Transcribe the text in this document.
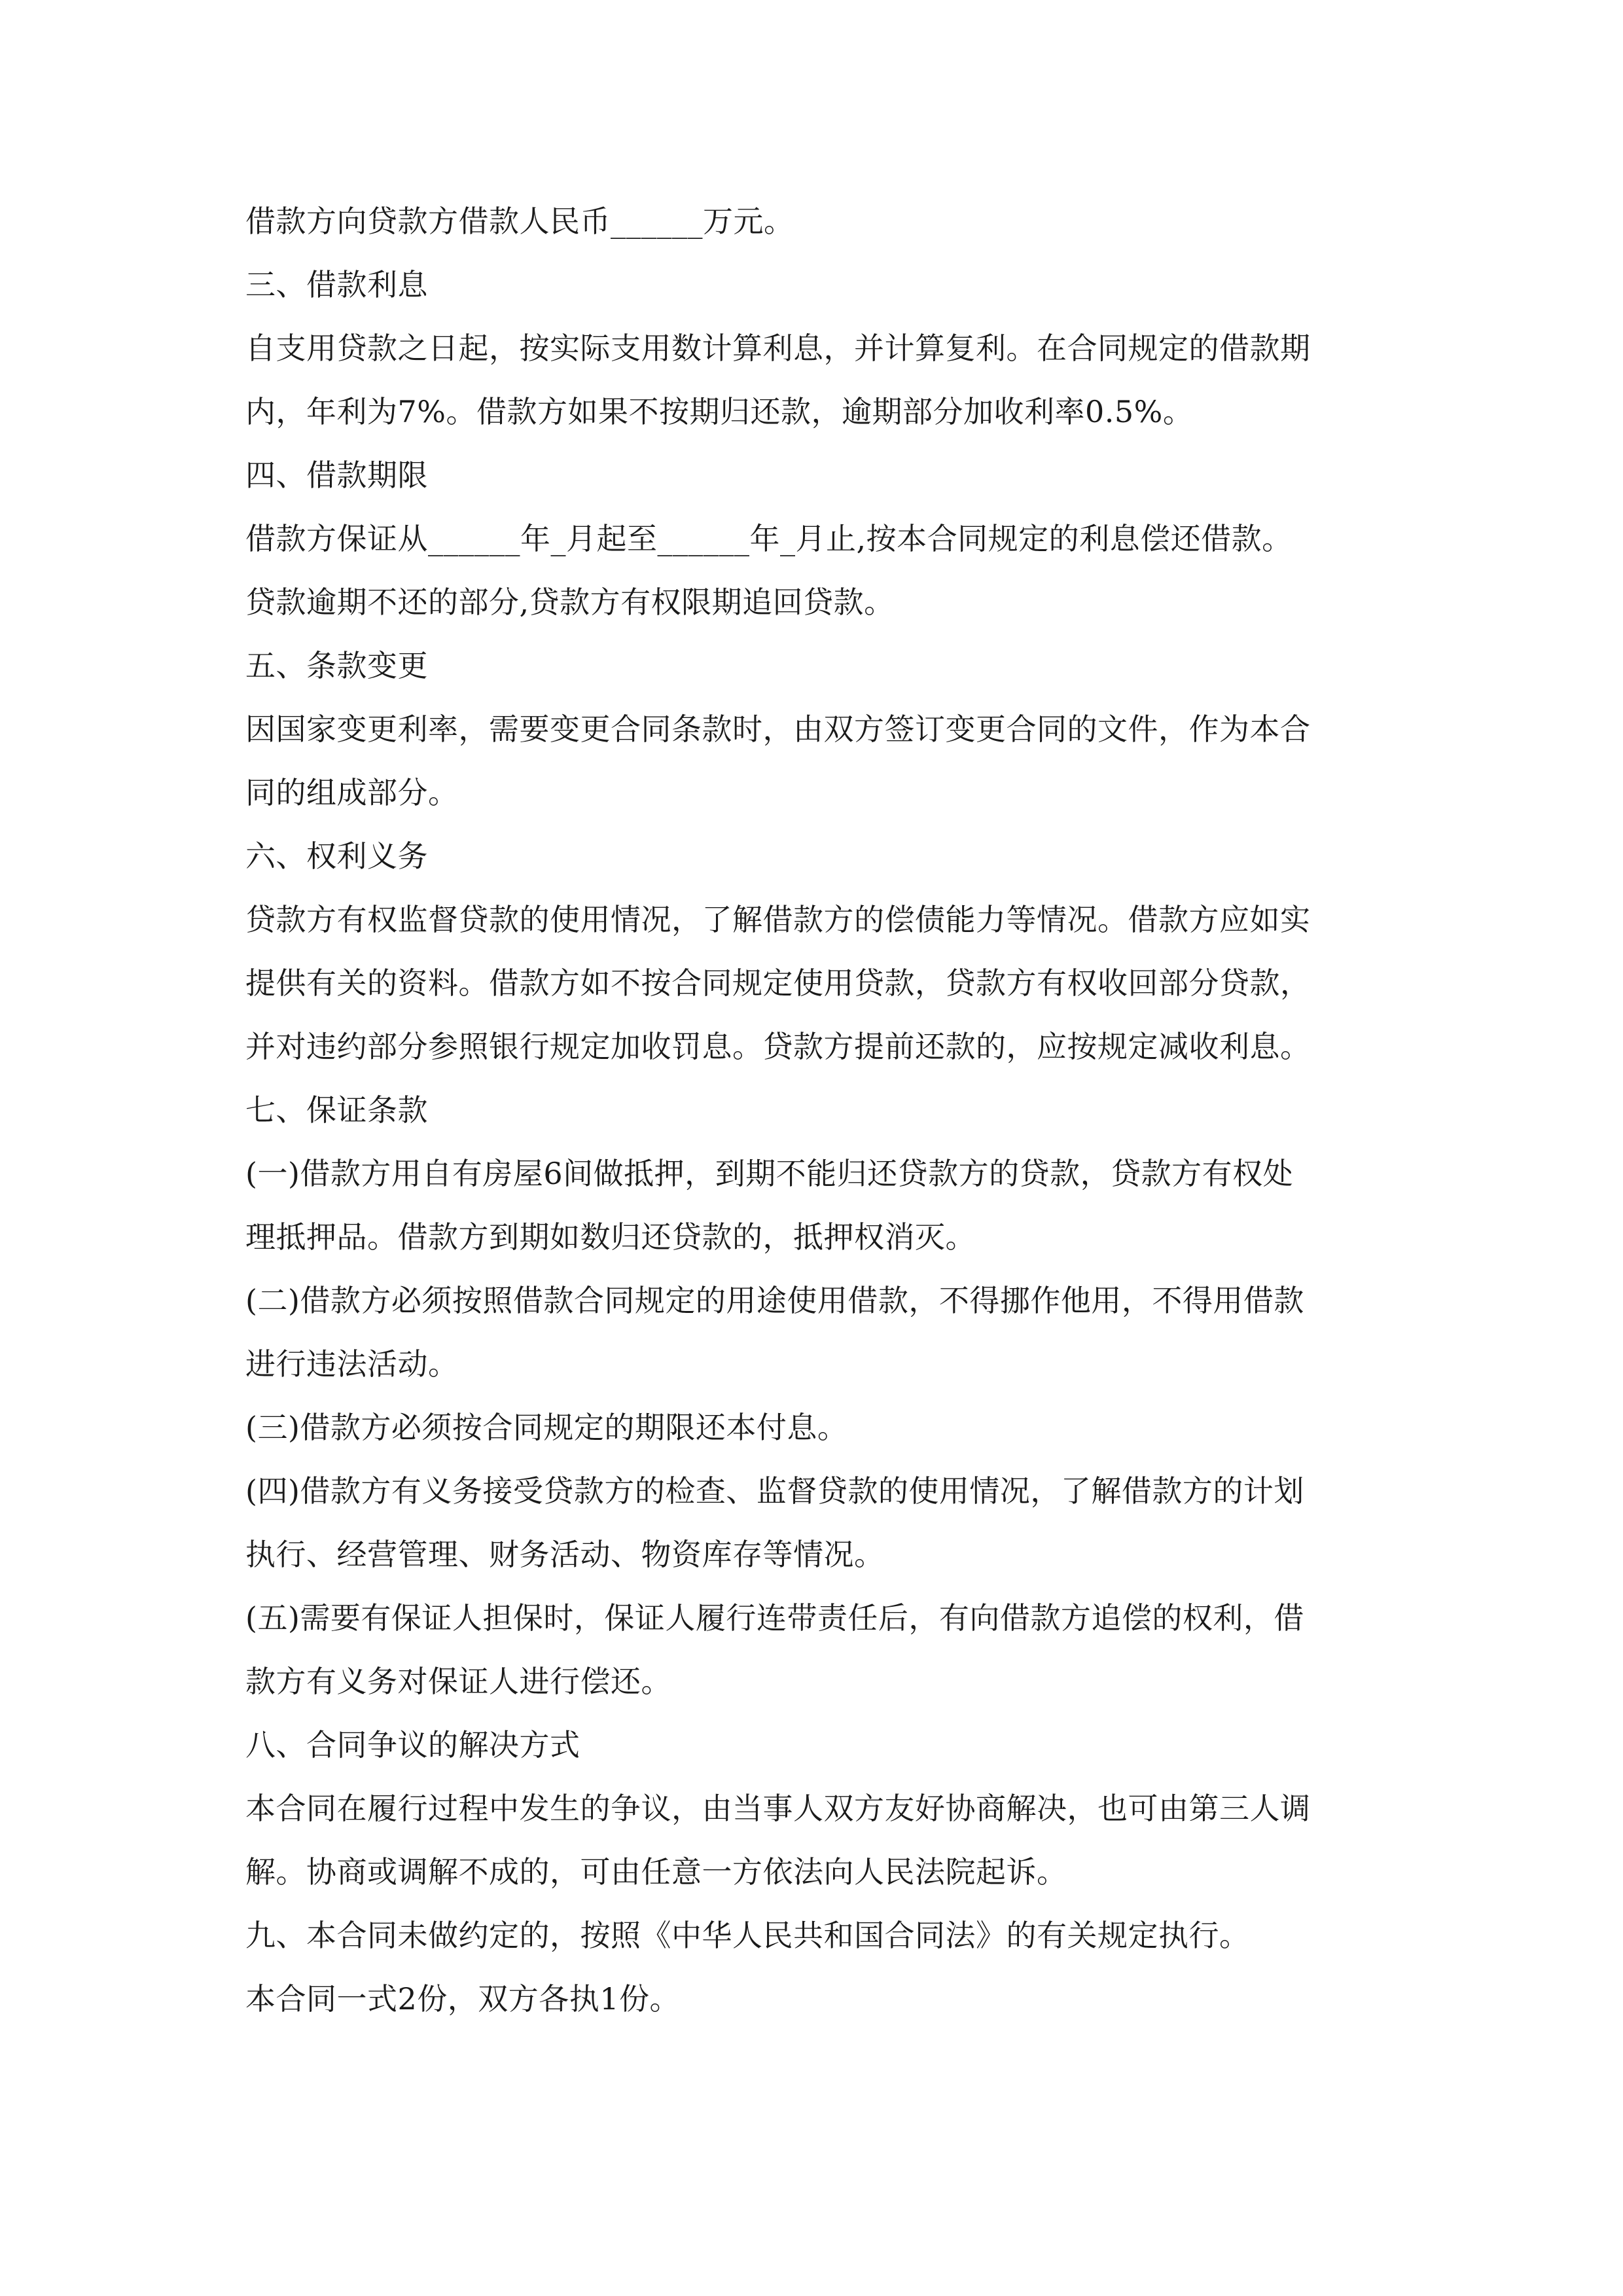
借款方向贷款方借款人民币______万元。
三、借款利息
自支用贷款之日起，按实际支用数计算利息，并计算复利。在合同规定的借款期
内，年利为7%。借款方如果不按期归还款，逾期部分加收利率0.5%。
四、借款期限
借款方保证从______年_月起至______年_月止,按本合同规定的利息偿还借款。
贷款逾期不还的部分,贷款方有权限期追回贷款。
五、条款变更
因国家变更利率，需要变更合同条款时，由双方签订变更合同的文件，作为本合
同的组成部分。
六、权利义务
贷款方有权监督贷款的使用情况，了解借款方的偿债能力等情况。借款方应如实
提供有关的资料。借款方如不按合同规定使用贷款，贷款方有权收回部分贷款，
并对违约部分参照银行规定加收罚息。贷款方提前还款的，应按规定减收利息。
七、保证条款
(一)借款方用自有房屋6间做抵押，到期不能归还贷款方的贷款，贷款方有权处
理抵押品。借款方到期如数归还贷款的，抵押权消灭。
(二)借款方必须按照借款合同规定的用途使用借款，不得挪作他用，不得用借款
进行违法活动。
(三)借款方必须按合同规定的期限还本付息。
(四)借款方有义务接受贷款方的检查、监督贷款的使用情况，了解借款方的计划
执行、经营管理、财务活动、物资库存等情况。
(五)需要有保证人担保时，保证人履行连带责任后，有向借款方追偿的权利，借
款方有义务对保证人进行偿还。
八、合同争议的解决方式
本合同在履行过程中发生的争议，由当事人双方友好协商解决，也可由第三人调
解。协商或调解不成的，可由任意一方依法向人民法院起诉。
九、本合同未做约定的，按照《中华人民共和国合同法》的有关规定执行。
本合同一式2份，双方各执1份。
